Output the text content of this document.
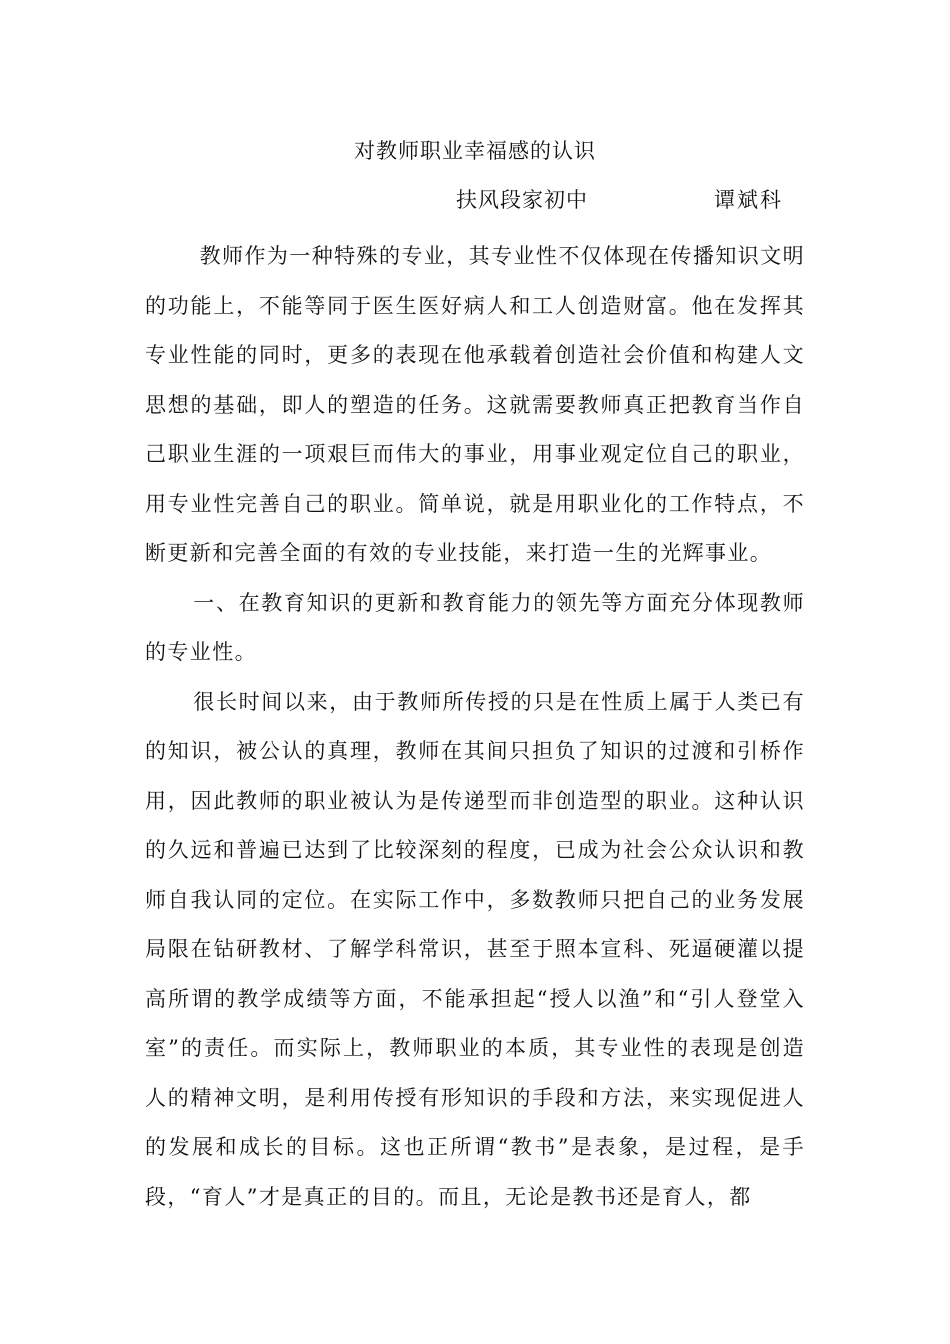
对教师职业幸福感的认识
扶风段家初中	谭斌科

教师作为一种特殊的专业，其专业性不仅体现在传播知识文明的功能上，不能等同于医生医好病人和工人创造财富。他在发挥其专业性能的同时，更多的表现在他承载着创造社会价值和构建人文思想的基础，即人的塑造的任务。这就需要教师真正把教育当作自己职业生涯的一项艰巨而伟大的事业，用事业观定位自己的职业，用专业性完善自己的职业。简单说，就是用职业化的工作特点，不断更新和完善全面的有效的专业技能，来打造一生的光辉事业。

一、在教育知识的更新和教育能力的领先等方面充分体现教师的专业性。

很长时间以来，由于教师所传授的只是在性质上属于人类已有的知识，被公认的真理，教师在其间只担负了知识的过渡和引桥作用，因此教师的职业被认为是传递型而非创造型的职业。这种认识的久远和普遍已达到了比较深刻的程度，已成为社会公众认识和教师自我认同的定位。在实际工作中，多数教师只把自己的业务发展局限在钻研教材、了解学科常识，甚至于照本宣科、死逼硬灌以提高所谓的教学成绩等方面，不能承担起“授人以渔”和“引人登堂入室”的责任。而实际上，教师职业的本质，其专业性的表现是创造人的精神文明，是利用传授有形知识的手段和方法，来实现促进人的发展和成长的目标。这也正所谓“教书”是表象，是过程，是手段，“育人”才是真正的目的。而且，无论是教书还是育人，都
